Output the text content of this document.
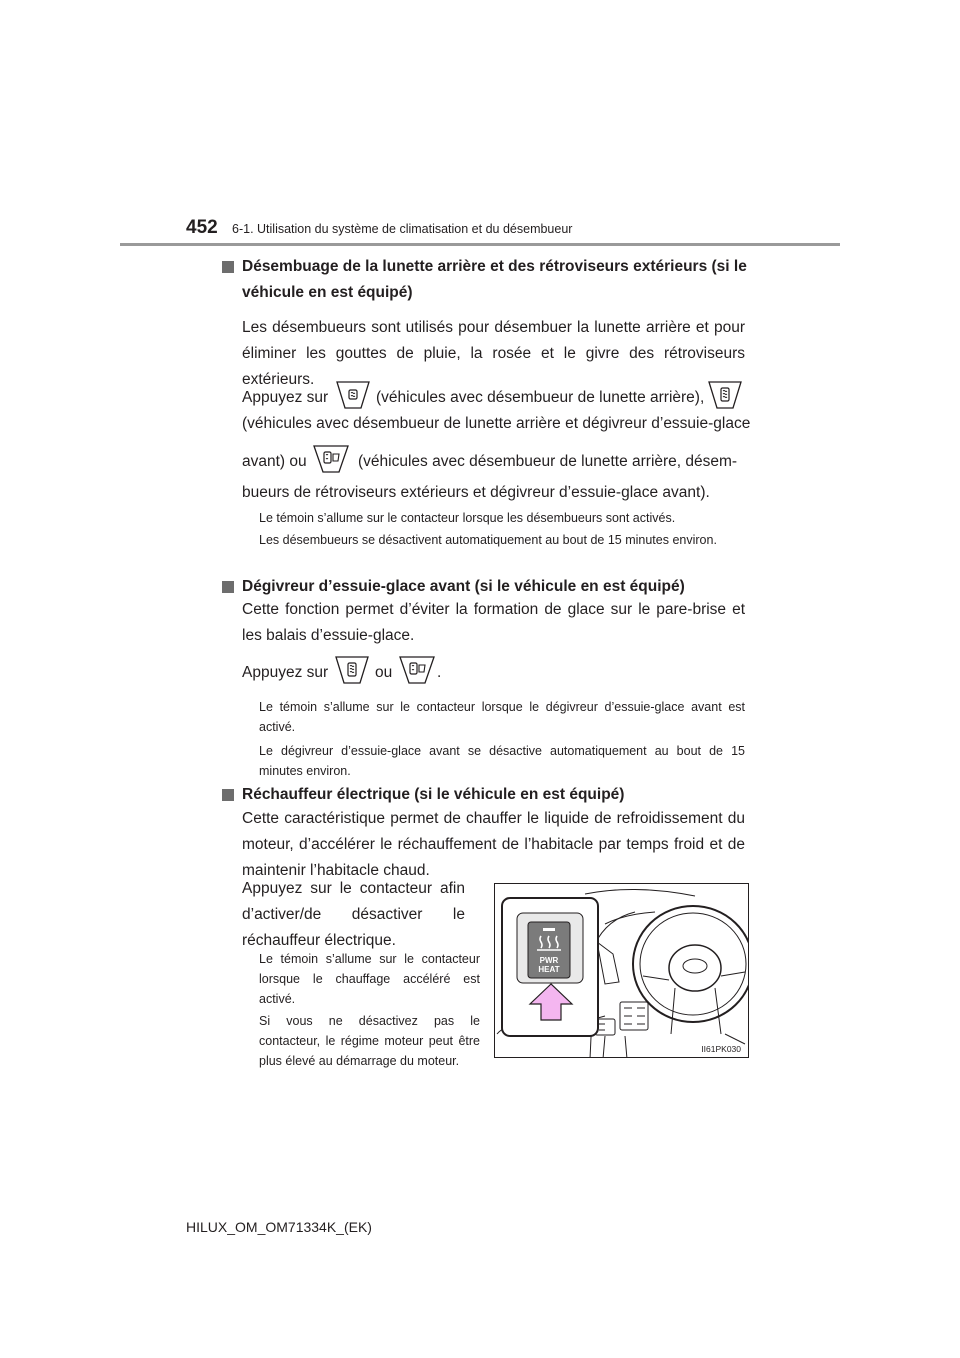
452 6-1. Utilisation du système de climatisation et du désembueur
Désembuage de la lunette arrière et des rétroviseurs extérieurs (si le véhicule en est équipé)
Les désembueurs sont utilisés pour désembuer la lunette arrière et pour éliminer les gouttes de pluie, la rosée et le givre des rétroviseurs extérieurs.
Appuyez sur	(véhicules avec désembueur de lunette arrière),
(véhicules avec désembueur de lunette arrière et dégivreur d’essuie-glace
avant) ou	(véhicules avec désembueur de lunette arrière, désem-
bueurs de rétroviseurs extérieurs et dégivreur d’essuie-glace avant).
Le témoin s’allume sur le contacteur lorsque les désembueurs sont activés.
Les désembueurs se désactivent automatiquement au bout de 15 minutes environ.
Dégivreur d’essuie-glace avant (si le véhicule en est équipé)
Cette fonction permet d’éviter la formation de glace sur le pare-brise et les balais d’essuie-glace.
Appuyez sur	ou	.
Le témoin s’allume sur le contacteur lorsque le dégivreur d’essuie-glace avant est activé.
Le dégivreur d’essuie-glace avant se désactive automatiquement au bout de 15 minutes environ.
Réchauffeur électrique (si le véhicule en est équipé)
Cette caractéristique permet de chauffer le liquide de refroidissement du moteur, d’accélérer le réchauffement de l’habitacle par temps froid et de maintenir l’habitacle chaud.
Appuyez sur le contacteur afin d’activer/de désactiver le réchauffeur électrique.
Le témoin s’allume sur le contacteur lorsque le chauffage accéléré est activé.
Si vous ne désactivez pas le contacteur, le régime moteur peut être plus élevé au démarrage du moteur.
PWR
HEAT
II61PK030
HILUX_OM_OM71334K_(EK)
